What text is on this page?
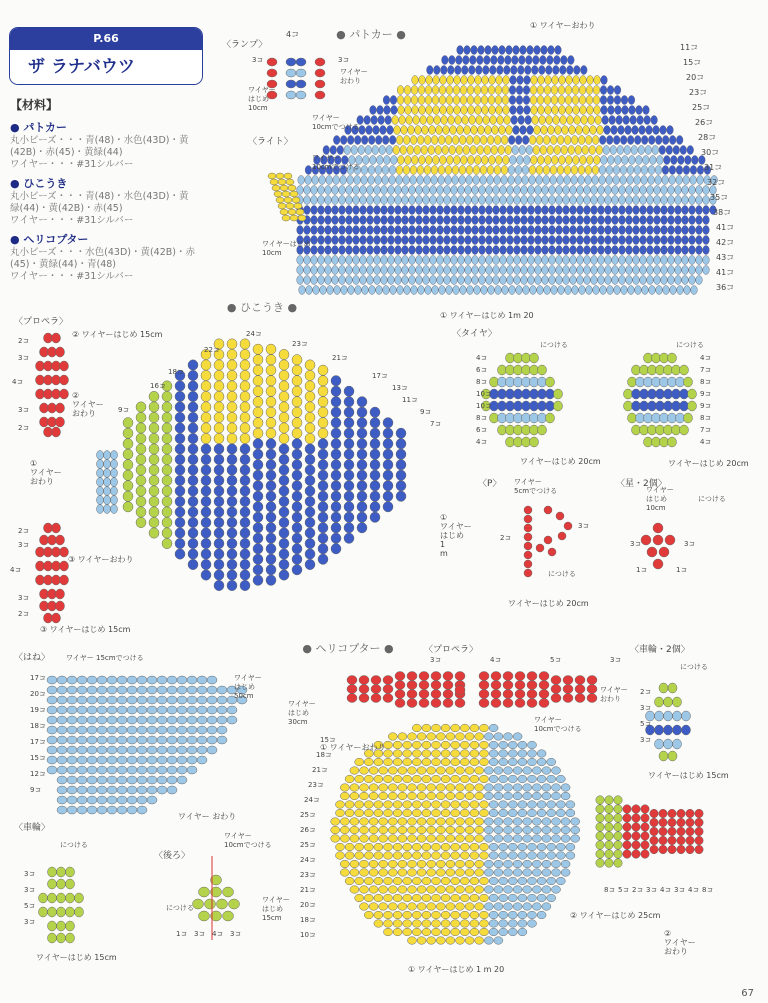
P.66
ザ ラナバウツ
【材料】
● パトカー
丸小ビーズ・・・青(48)・水色(43D)・黄
(42B)・赤(45)・黄緑(44)
ワイヤー・・・#31シルバー
● ひこうき
丸小ビーズ・・・青(48)・水色(43D)・黄
緑(44)・黄(42B)・赤(45)
ワイヤー・・・#31シルバー
● ヘリコプター
丸小ビーズ・・・水色(43D)・黄(42B)・赤
(45)・黄緑(44)・青(48)
ワイヤー・・・#31シルバー
● パトカー ●
11コ
15コ
20コ
23コ
25コ
26コ
28コ
30コ
31コ
32コ
35コ
38コ
41コ
42コ
43コ
41コ
36コ
① ワイヤーおわり
① ワイヤーはじめ 1m 20
〈ランプ〉
4コ
3コ	3コ
ワイヤー
おわり
ワイヤー
はじめ
10cm
ワイヤー
10cmでつける
〈ライト〉
ワイヤー
10cmでつける
ワイヤーはじめ
10cm
● ひこうき ●
〈プロペラ〉
2コ
3コ
4コ
3コ
2コ
② ワイヤーはじめ 15cm
②
ワイヤー
おわり
①
ワイヤー
おわり
2コ
3コ
4コ
3コ
2コ
③ ワイヤーおわり
③ ワイヤーはじめ 15cm
9コ
16コ
18コ
22コ
24コ
23コ
21コ
17コ
13コ
11コ
9コ
7コ
①
ワイヤー
はじめ
1
m
〈タイヤ〉
につける	につける
4コ
6コ
8コ
10コ
10コ
8コ
6コ
4コ
4コ
7コ
8コ
9コ
9コ
8コ
7コ
4コ
ワイヤーはじめ 20cm	ワイヤーはじめ 20cm
〈P〉 ワイヤー
5cmでつける
2コ
3コ
につける
ワイヤーはじめ 20cm
〈星・2個〉
ワイヤー
はじめ
10cm
につける
3コ	3コ
1コ	1コ
〈はね〉 ワイヤー 15cmでつける
17コ
20コ
19コ
18コ
17コ
15コ
12コ
9コ
ワイヤー
はじめ
50cm
ワイヤー おわり
〈車輪〉
につける
3コ
3コ
5コ
3コ
ワイヤーはじめ 15cm
〈後ろ〉
ワイヤー
10cmでつける
ワイヤー
はじめ
15cm
1コ 3コ 4コ 3コ
につける
● ヘリコプター ●	〈プロペラ〉
3コ	4コ	5コ	3コ
ワイヤー
はじめ
30cm
ワイヤー
おわり
ワイヤー
10cmでつける
15コ
18コ
21コ
23コ
24コ
25コ
26コ
25コ
24コ
23コ
21コ
20コ
18コ
10コ
8コ 5コ 2コ 3コ 4コ 3コ 4コ 8コ
② ワイヤーはじめ 25cm
②
ワイヤー
おわり
① ワイヤーおわり
① ワイヤーはじめ 1 m 20
〈車輪・2個〉
につける
2コ
3コ
5コ
3コ
ワイヤーはじめ 15cm
67
